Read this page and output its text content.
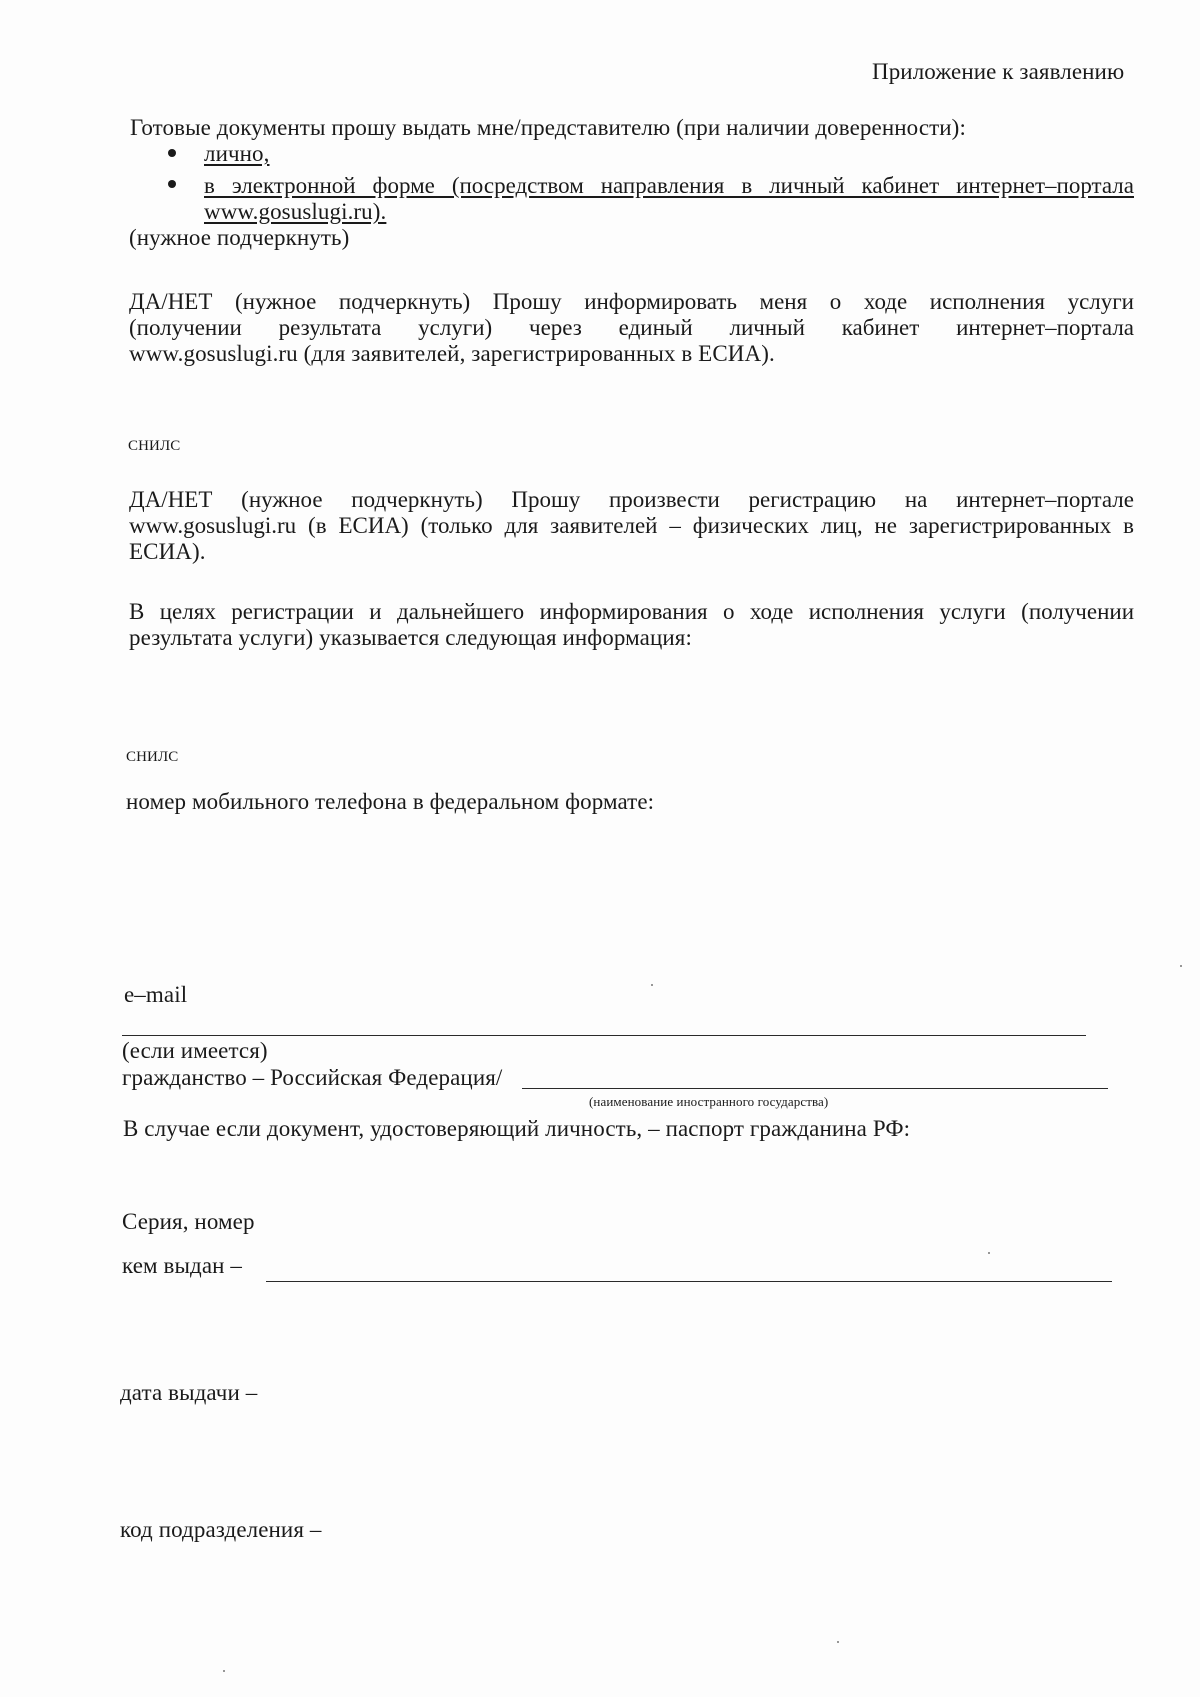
Приложение к заявлению
Готовые документы прошу выдать мне/представителю (при наличии доверенности):
лично,
в электронной форме (посредством направления в личный кабинет интернет–портала
www.gosuslugi.ru).
(нужное подчеркнуть)
ДА/НЕТ (нужное подчеркнуть) Прошу информировать меня о ходе исполнения услуги
(получении результата услуги) через единый личный кабинет интернет–портала
www.gosuslugi.ru (для заявителей, зарегистрированных в ЕСИА).
СНИЛС
ДА/НЕТ (нужное подчеркнуть) Прошу произвести регистрацию на интернет–портале
www.gosuslugi.ru (в ЕСИА) (только для заявителей – физических лиц, не зарегистрированных в
ЕСИА).
В целях регистрации и дальнейшего информирования о ходе исполнения услуги (получении
результата услуги) указывается следующая информация:
СНИЛС
номер мобильного телефона в федеральном формате:
e–mail
(если имеется)
гражданство – Российская Федерация/
(наименование иностранного государства)
В случае если документ, удостоверяющий личность, – паспорт гражданина РФ:
Серия, номер
кем выдан –
дата выдачи –
код подразделения –
